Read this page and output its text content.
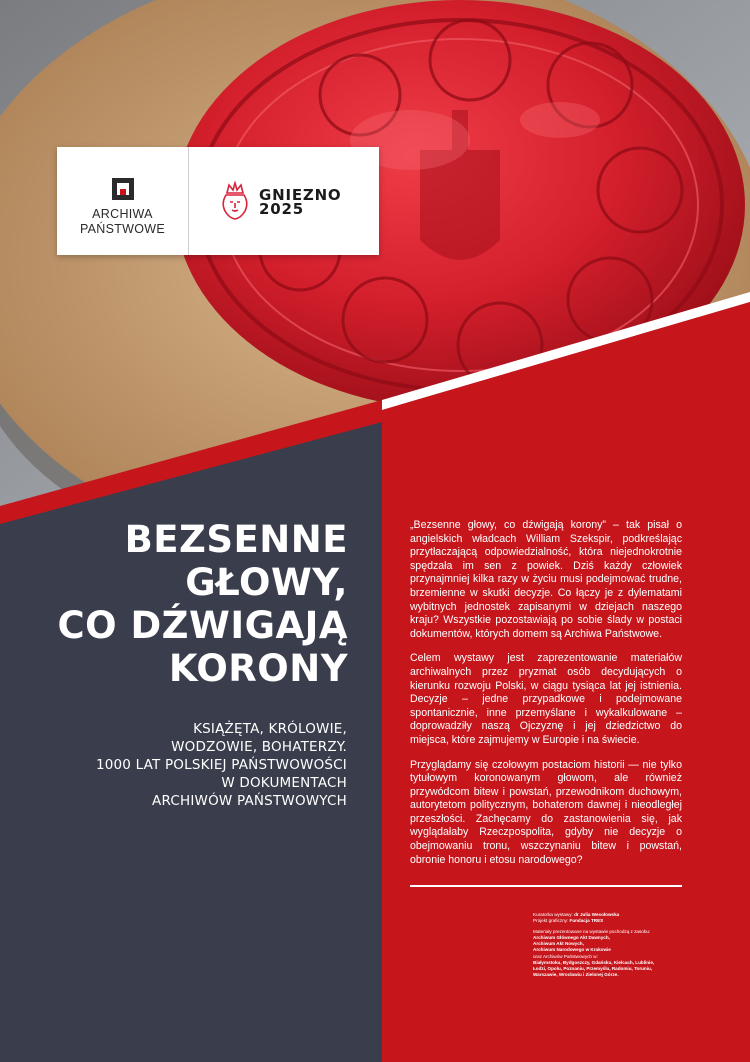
ARCHIWA
PAŃSTWOWE
GNIEZNO
2025
BEZSENNE
GŁOWY,
CO DŹWIGAJĄ
KORONY
KSIĄŻĘTA, KRÓLOWIE,
WODZOWIE, BOHATERZY.
1000 LAT POLSKIEJ PAŃSTWOWOŚCI
W DOKUMENTACH
ARCHIWÓW PAŃSTWOWYCH

„Bezsenne głowy, co dźwigają korony” – tak pisał o angielskich władcach William Szekspir, podkreślając przytłaczającą odpowiedzialność, która niejednokrotnie spędzała im sen z powiek. Dziś każdy człowiek przynajmniej kilka razy w życiu musi podejmować trudne, brzemienne w skutki decyzje. Co łączy je z dylematami wybitnych jednostek zapisanymi w dziejach naszego kraju? Wszystkie pozostawiają po sobie ślady w postaci dokumentów, których domem są Archiwa Państwowe.

Celem wystawy jest zaprezentowanie materiałów archiwalnych przez pryzmat osób decydujących o kierunku rozwoju Polski, w ciągu tysiąca lat jej istnienia. Decyzje – jedne przypadkowe i podejmowane spontanicznie, inne przemyślane i wykalkulowane – doprowadziły naszą Ojczyznę i jej dziedzictwo do miejsca, które zajmujemy w Europie i na świecie.

Przyglądamy się czołowym postaciom historii — nie tylko tytułowym koronowanym głowom, ale również przywódcom bitew i powstań, przewodnikom duchowym, autorytetom politycznym, bohaterom dawnej i nieodległej przeszłości. Zachęcamy do zastanowienia się, jak wyglądałaby Rzeczpospolita, gdyby nie decyzje o obejmowaniu tronu, wszczynaniu bitew i powstań, obronie honoru i etosu narodowego?

Kuratorka wystawy: dr Julia Wesołowska
Projekt graficzny: Fundacja TRES
Materiały prezentowane na wystawie pochodzą z zasobu:
Archiwum Głównego Akt Dawnych,
Archiwum Akt Nowych,
Archiwum Narodowego w Krakowie
oraz Archiwów Państwowych w:
Białymstoku, Bydgoszczy, Gdańsku, Kielcach, Lublinie,
Łodzi, Opolu, Poznaniu, Przemyślu, Radomiu, Toruniu,
Warszawie, Wrocławiu i Zielonej Górze.
